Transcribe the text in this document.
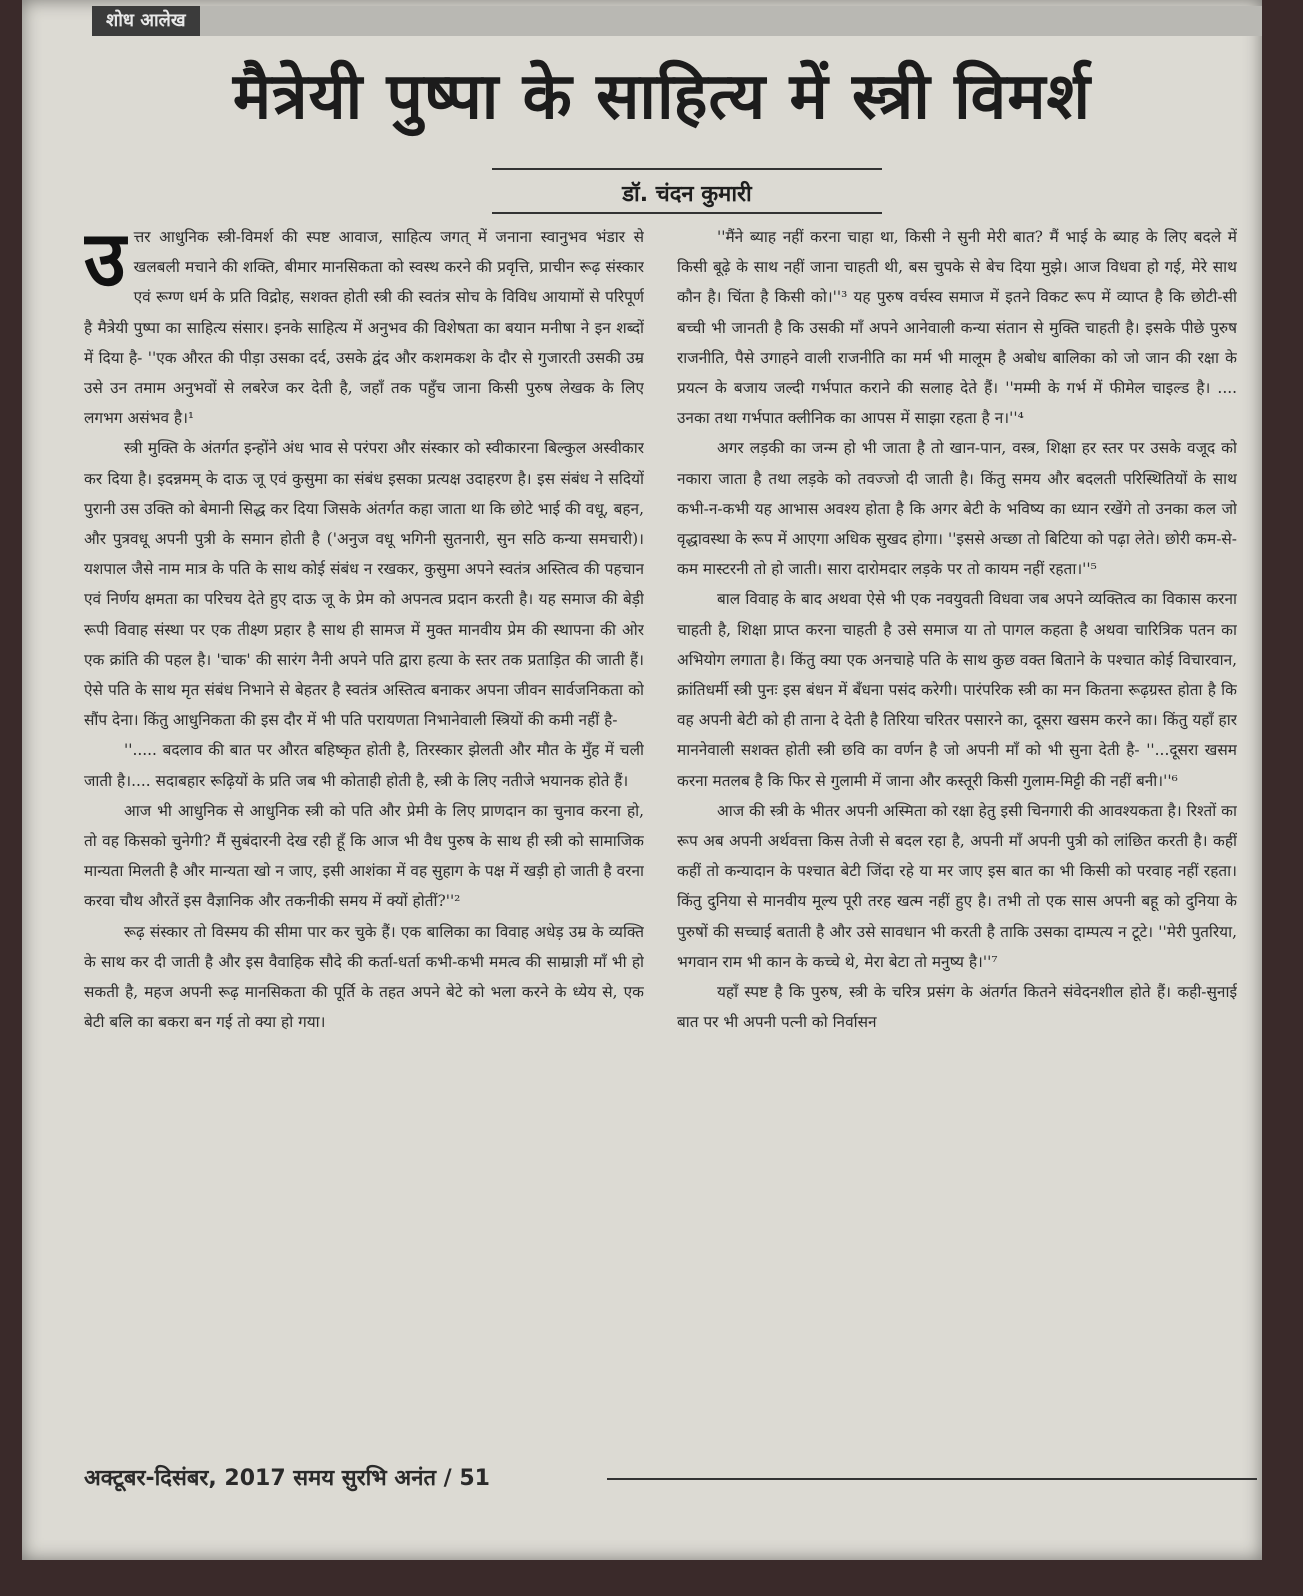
शोध आलेख
मैत्रेयी पुष्पा के साहित्य में स्त्री विमर्श
डॉ. चंदन कुमारी

उत्तर आधुनिक स्त्री-विमर्श की स्पष्ट आवाज, साहित्य जगत् में जनाना स्वानुभव भंडार से खलबली मचाने की शक्ति, बीमार मानसिकता को स्वस्थ करने की प्रवृत्ति, प्राचीन रूढ़ संस्कार एवं रूग्ण धर्म के प्रति विद्रोह, सशक्त होती स्त्री की स्वतंत्र सोच के विविध आयामों से परिपूर्ण है मैत्रेयी पुष्पा का साहित्य संसार। इनके साहित्य में अनुभव की विशेषता का बयान मनीषा ने इन शब्दों में दिया है- ''एक औरत की पीड़ा उसका दर्द, उसके द्वंद और कशमकश के दौर से गुजारती उसकी उम्र उसे उन तमाम अनुभवों से लबरेज कर देती है, जहाँ तक पहुँच जाना किसी पुरुष लेखक के लिए लगभग असंभव है।¹

स्त्री मुक्ति के अंतर्गत इन्होंने अंध भाव से परंपरा और संस्कार को स्वीकारना बिल्कुल अस्वीकार कर दिया है। इदन्नमम् के दाऊ जू एवं कुसुमा का संबंध इसका प्रत्यक्ष उदाहरण है। इस संबंध ने सदियों पुरानी उस उक्ति को बेमानी सिद्ध कर दिया जिसके अंतर्गत कहा जाता था कि छोटे भाई की वधू, बहन, और पुत्रवधू अपनी पुत्री के समान होती है ('अनुज वधू भगिनी सुतनारी, सुन सठि कन्या समचारी)। यशपाल जैसे नाम मात्र के पति के साथ कोई संबंध न रखकर, कुसुमा अपने स्वतंत्र अस्तित्व की पहचान एवं निर्णय क्षमता का परिचय देते हुए दाऊ जू के प्रेम को अपनत्व प्रदान करती है। यह समाज की बेड़ी रूपी विवाह संस्था पर एक तीक्ष्ण प्रहार है साथ ही सामज में मुक्त मानवीय प्रेम की स्थापना की ओर एक क्रांति की पहल है। 'चाक' की सारंग नैनी अपने पति द्वारा हत्या के स्तर तक प्रताड़ित की जाती हैं। ऐसे पति के साथ मृत संबंध निभाने से बेहतर है स्वतंत्र अस्तित्व बनाकर अपना जीवन सार्वजनिकता को सौंप देना। किंतु आधुनिकता की इस दौर में भी पति परायणता निभानेवाली स्त्रियों की कमी नहीं है-

''..... बदलाव की बात पर औरत बहिष्कृत होती है, तिरस्कार झेलती और मौत के मुँह में चली जाती है।.... सदाबहार रूढ़ियों के प्रति जब भी कोताही होती है, स्त्री के लिए नतीजे भयानक होते हैं।

आज भी आधुनिक से आधुनिक स्त्री को पति और प्रेमी के लिए प्राणदान का चुनाव करना हो, तो वह किसको चुनेगी? मैं सुबंदारनी देख रही हूँ कि आज भी वैध पुरुष के साथ ही स्त्री को सामाजिक मान्यता मिलती है और मान्यता खो न जाए, इसी आशंका में वह सुहाग के पक्ष में खड़ी हो जाती है वरना करवा चौथ औरतें इस वैज्ञानिक और तकनीकी समय में क्यों होतीं?''²

रूढ़ संस्कार तो विस्मय की सीमा पार कर चुके हैं। एक बालिका का विवाह अधेड़ उम्र के व्यक्ति के साथ कर दी जाती है और इस वैवाहिक सौदे की कर्ता-धर्ता कभी-कभी ममत्व की साम्राज्ञी माँ भी हो सकती है, महज अपनी रूढ़ मानसिकता की पूर्ति के तहत अपने बेटे को भला करने के ध्येय से, एक बेटी बलि का बकरा बन गई तो क्या हो गया।

''मैंने ब्याह नहीं करना चाहा था, किसी ने सुनी मेरी बात? मैं भाई के ब्याह के लिए बदले में किसी बूढ़े के साथ नहीं जाना चाहती थी, बस चुपके से बेच दिया मुझे। आज विधवा हो गई, मेरे साथ कौन है। चिंता है किसी को।''³ यह पुरुष वर्चस्व समाज में इतने विकट रूप में व्याप्त है कि छोटी-सी बच्ची भी जानती है कि उसकी माँ अपने आनेवाली कन्या संतान से मुक्ति चाहती है। इसके पीछे पुरुष राजनीति, पैसे उगाहने वाली राजनीति का मर्म भी मालूम है अबोध बालिका को जो जान की रक्षा के प्रयत्न के बजाय जल्दी गर्भपात कराने की सलाह देते हैं। ''मम्मी के गर्भ में फीमेल चाइल्ड है। .... उनका तथा गर्भपात क्लीनिक का आपस में साझा रहता है न।''⁴

अगर लड़की का जन्म हो भी जाता है तो खान-पान, वस्त्र, शिक्षा हर स्तर पर उसके वजूद को नकारा जाता है तथा लड़के को तवज्जो दी जाती है। किंतु समय और बदलती परिस्थितियों के साथ कभी-न-कभी यह आभास अवश्य होता है कि अगर बेटी के भविष्य का ध्यान रखेंगे तो उनका कल जो वृद्धावस्था के रूप में आएगा अधिक सुखद होगा। ''इससे अच्छा तो बिटिया को पढ़ा लेते। छोरी कम-से-कम मास्टरनी तो हो जाती। सारा दारोमदार लड़के पर तो कायम नहीं रहता।''⁵

बाल विवाह के बाद अथवा ऐसे भी एक नवयुवती विधवा जब अपने व्यक्तित्व का विकास करना चाहती है, शिक्षा प्राप्त करना चाहती है उसे समाज या तो पागल कहता है अथवा चारित्रिक पतन का अभियोग लगाता है। किंतु क्या एक अनचाहे पति के साथ कुछ वक्त बिताने के पश्चात कोई विचारवान, क्रांतिधर्मी स्त्री पुनः इस बंधन में बँधना पसंद करेगी। पारंपरिक स्त्री का मन कितना रूढ़ग्रस्त होता है कि वह अपनी बेटी को ही ताना दे देती है तिरिया चरितर पसारने का, दूसरा खसम करने का। किंतु यहाँ हार माननेवाली सशक्त होती स्त्री छवि का वर्णन है जो अपनी माँ को भी सुना देती है- ''...दूसरा खसम करना मतलब है कि फिर से गुलामी में जाना और कस्तूरी किसी गुलाम-मिट्टी की नहीं बनी।''⁶

आज की स्त्री के भीतर अपनी अस्मिता को रक्षा हेतु इसी चिनगारी की आवश्यकता है। रिश्तों का रूप अब अपनी अर्थवत्ता किस तेजी से बदल रहा है, अपनी माँ अपनी पुत्री को लांछित करती है। कहीं कहीं तो कन्यादान के पश्चात बेटी जिंदा रहे या मर जाए इस बात का भी किसी को परवाह नहीं रहता। किंतु दुनिया से मानवीय मूल्य पूरी तरह खत्म नहीं हुए है। तभी तो एक सास अपनी बहू को दुनिया के पुरुषों की सच्चाई बताती है और उसे सावधान भी करती है ताकि उसका दाम्पत्य न टूटे। ''मेरी पुतरिया, भगवान राम भी कान के कच्चे थे, मेरा बेटा तो मनुष्य है।''⁷

यहाँ स्पष्ट है कि पुरुष, स्त्री के चरित्र प्रसंग के अंतर्गत कितने संवेदनशील होते हैं। कही-सुनाई बात पर भी अपनी पत्नी को निर्वासन

अक्टूबर-दिसंबर, 2017 समय सुरभि अनंत / 51
